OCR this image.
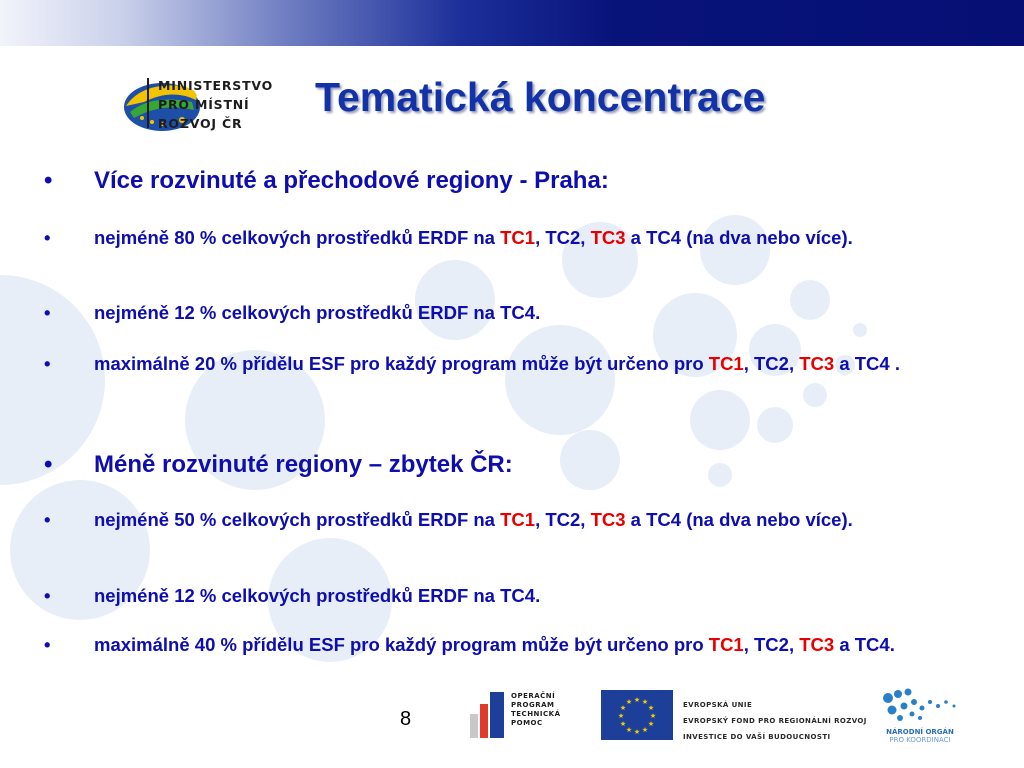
MINISTERSTVO
PRO MÍSTNÍ
ROZVOJ ČR
Tematická koncentrace
• Více rozvinuté a přechodové regiony - Praha:
• nejméně 80 % celkových prostředků ERDF na TC1, TC2, TC3 a TC4 (na dva nebo více).
• nejméně 12 % celkových prostředků ERDF na TC4.
• maximálně 20 % přídělu ESF pro každý program může být určeno pro TC1, TC2, TC3 a TC4 .
• Méně rozvinuté regiony – zbytek ČR:
• nejméně 50 % celkových prostředků ERDF na TC1, TC2, TC3 a TC4 (na dva nebo více).
• nejméně 12 % celkových prostředků ERDF na TC4.
• maximálně 40 % přídělu ESF pro každý program může být určeno pro TC1, TC2, TC3 a TC4.
8
OPERAČNÍ
PROGRAM
TECHNICKÁ
POMOC
★ ★
★
★
★
★
★
★
★
★
★
★	EVROPSKÁ UNIE
EVROPSKÝ FOND PRO REGIONÁLNÍ ROZVOJ
INVESTICE DO VAŠÍ BUDOUCNOSTI
NÁRODNÍ ORGÁN
PRO KOORDINACI
